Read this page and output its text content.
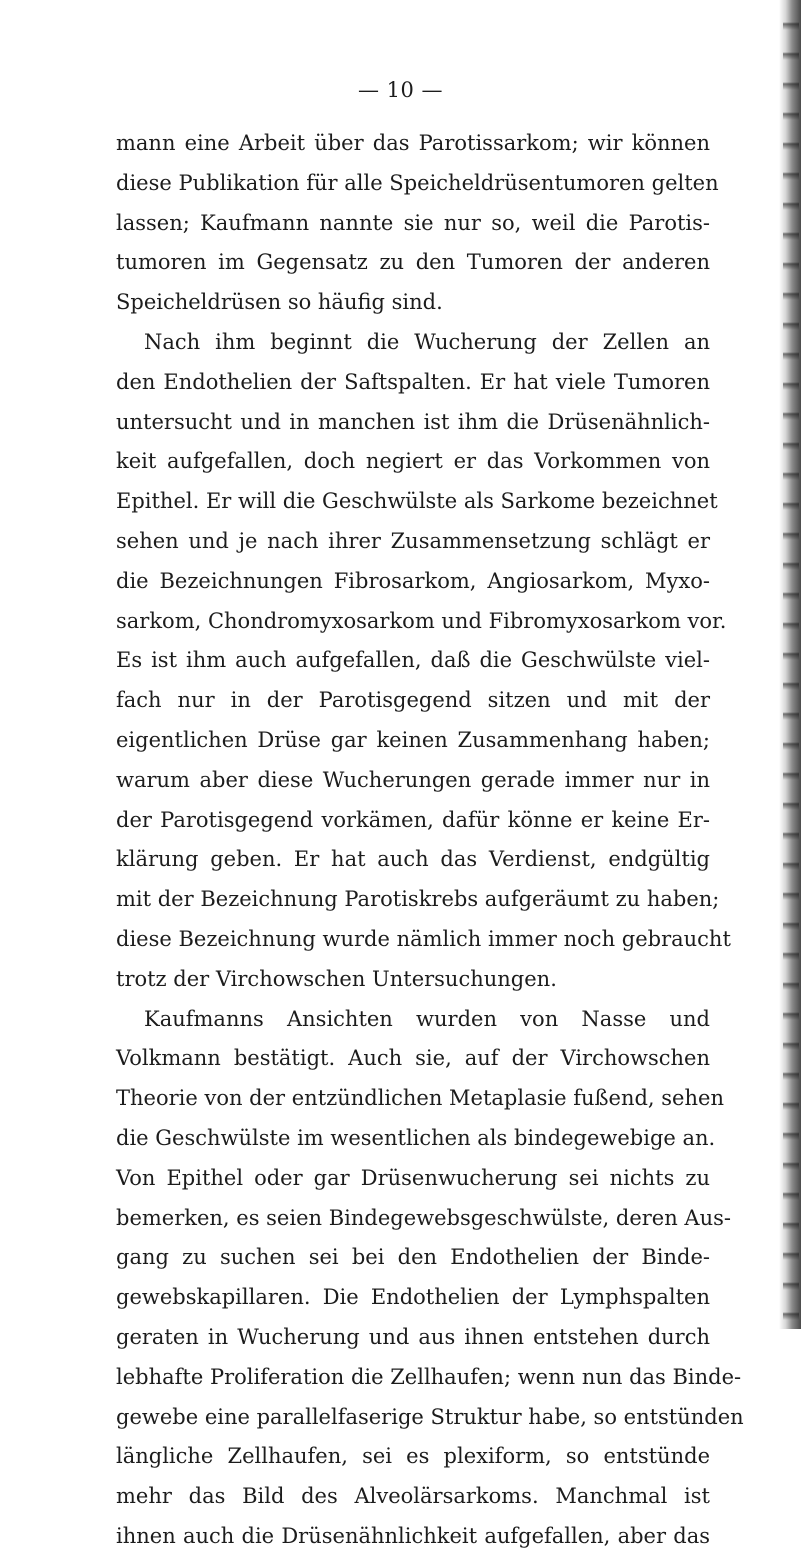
— 10 —
mann eine Arbeit über das Parotissarkom; wir können
diese Publikation für alle Speicheldrüsentumoren gelten
lassen; Kaufmann nannte sie nur so, weil die Parotis-
tumoren im Gegensatz zu den Tumoren der anderen
Speicheldrüsen so häufig sind.
Nach ihm beginnt die Wucherung der Zellen an
den Endothelien der Saftspalten. Er hat viele Tumoren
untersucht und in manchen ist ihm die Drüsenähnlich-
keit aufgefallen, doch negiert er das Vorkommen von
Epithel. Er will die Geschwülste als Sarkome bezeichnet
sehen und je nach ihrer Zusammensetzung schlägt er
die Bezeichnungen Fibrosarkom, Angiosarkom, Myxo-
sarkom, Chondromyxosarkom und Fibromyxosarkom vor.
Es ist ihm auch aufgefallen, daß die Geschwülste viel-
fach nur in der Parotisgegend sitzen und mit der
eigentlichen Drüse gar keinen Zusammenhang haben;
warum aber diese Wucherungen gerade immer nur in
der Parotisgegend vorkämen, dafür könne er keine Er-
klärung geben. Er hat auch das Verdienst, endgültig
mit der Bezeichnung Parotiskrebs aufgeräumt zu haben;
diese Bezeichnung wurde nämlich immer noch gebraucht
trotz der Virchowschen Untersuchungen.
Kaufmanns Ansichten wurden von Nasse und
Volkmann bestätigt. Auch sie, auf der Virchowschen
Theorie von der entzündlichen Metaplasie fußend, sehen
die Geschwülste im wesentlichen als bindegewebige an.
Von Epithel oder gar Drüsenwucherung sei nichts zu
bemerken, es seien Bindegewebsgeschwülste, deren Aus-
gang zu suchen sei bei den Endothelien der Binde-
gewebskapillaren. Die Endothelien der Lymphspalten
geraten in Wucherung und aus ihnen entstehen durch
lebhafte Proliferation die Zellhaufen; wenn nun das Binde-
gewebe eine parallelfaserige Struktur habe, so entstünden
längliche Zellhaufen, sei es plexiform, so entstünde
mehr das Bild des Alveolärsarkoms. Manchmal ist
ihnen auch die Drüsenähnlichkeit aufgefallen, aber das
